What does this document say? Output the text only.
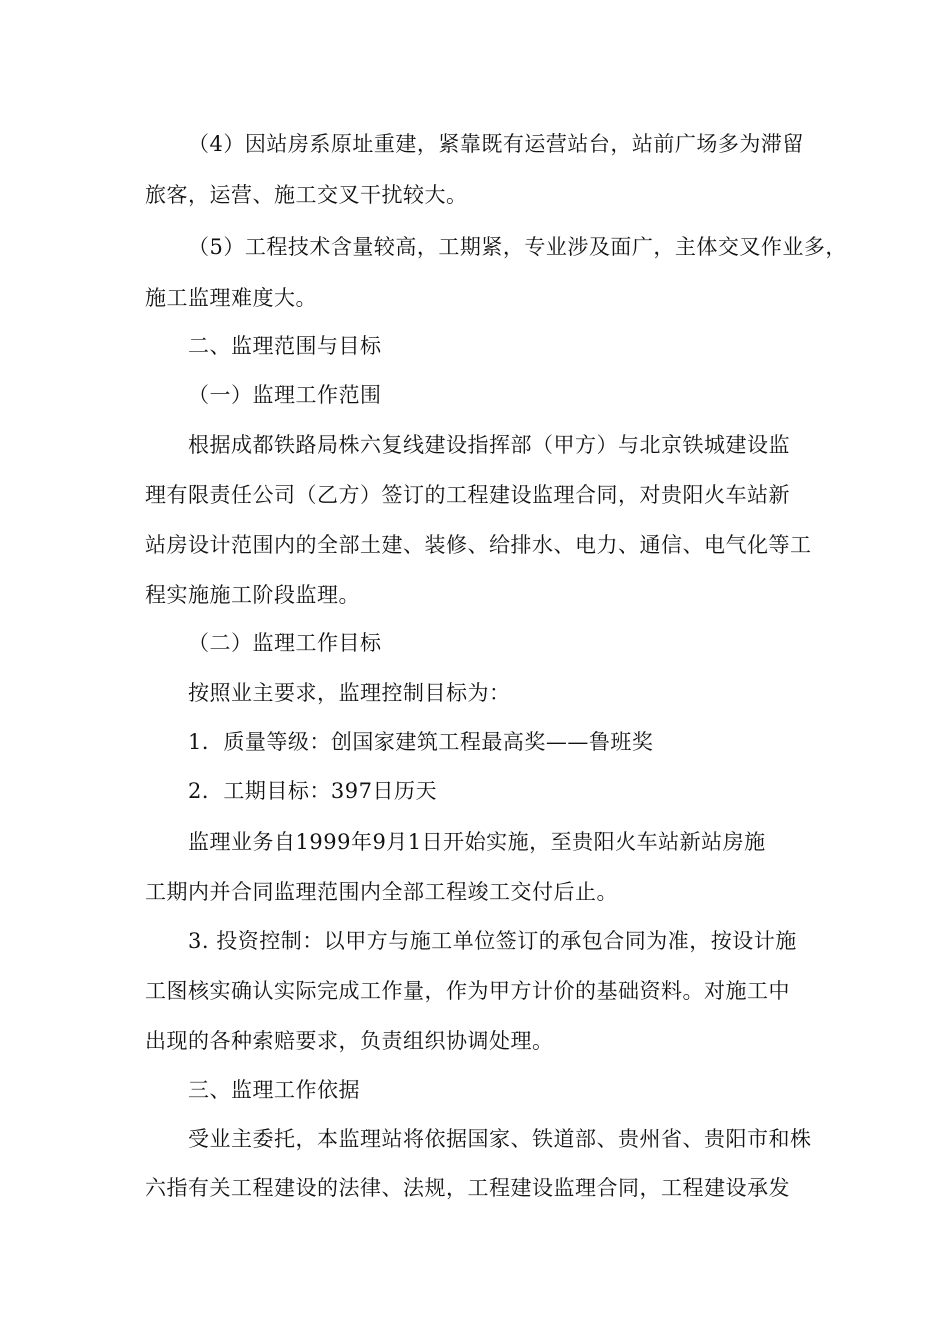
（4）因站房系原址重建，紧靠既有运营站台，站前广场多为滞留
旅客，运营、施工交叉干扰较大。
（5）工程技术含量较高，工期紧，专业涉及面广，主体交叉作业多，
施工监理难度大。
二、监理范围与目标
（一）监理工作范围
根据成都铁路局株六复线建设指挥部（甲方）与北京铁城建设监
理有限责任公司（乙方）签订的工程建设监理合同，对贵阳火车站新
站房设计范围内的全部土建、装修、给排水、电力、通信、电气化等工
程实施施工阶段监理。
（二）监理工作目标
按照业主要求，监理控制目标为：
1．质量等级：创国家建筑工程最高奖——鲁班奖
2．工期目标：397日历天
监理业务自1999年9月1日开始实施，至贵阳火车站新站房施
工期内并合同监理范围内全部工程竣工交付后止。
3. 投资控制：以甲方与施工单位签订的承包合同为准，按设计施
工图核实确认实际完成工作量，作为甲方计价的基础资料。对施工中
出现的各种索赔要求，负责组织协调处理。
三、监理工作依据
受业主委托，本监理站将依据国家、铁道部、贵州省、贵阳市和株
六指有关工程建设的法律、法规，工程建设监理合同，工程建设承发
